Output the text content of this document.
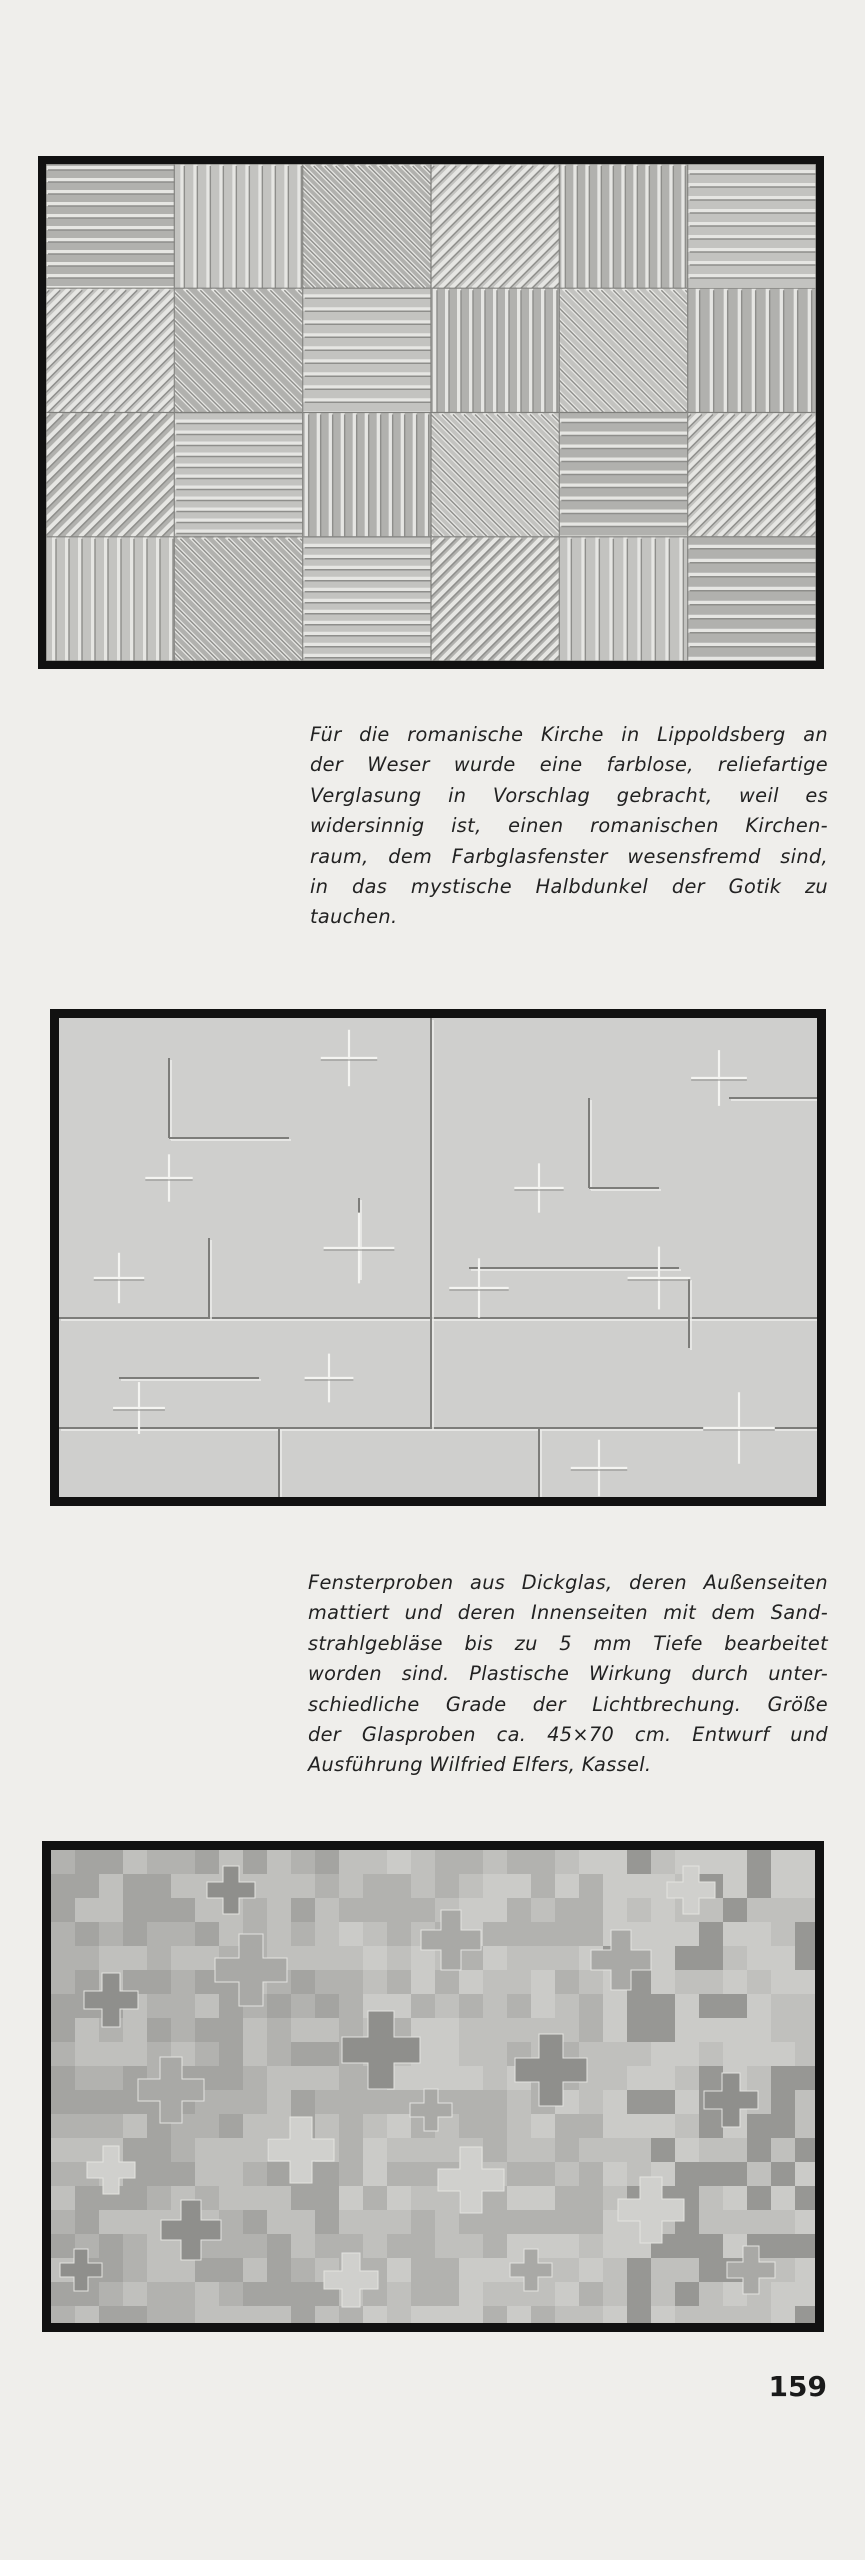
Für die romanische Kirche in Lippoldsberg an
der Weser wurde eine farblose, reliefartige
Verglasung in Vorschlag gebracht, weil es
widersinnig ist, einen romanischen Kirchen-
raum, dem Farbglasfenster wesensfremd sind,
in das mystische Halbdunkel der Gotik zu
tauchen.
Fensterproben aus Dickglas, deren Außenseiten
mattiert und deren Innenseiten mit dem Sand-
strahlgebläse bis zu 5 mm Tiefe bearbeitet
worden sind. Plastische Wirkung durch unter-
schiedliche Grade der Lichtbrechung. Größe
der Glasproben ca. 45×70 cm. Entwurf und
Ausführung Wilfried Elfers, Kassel.
159
